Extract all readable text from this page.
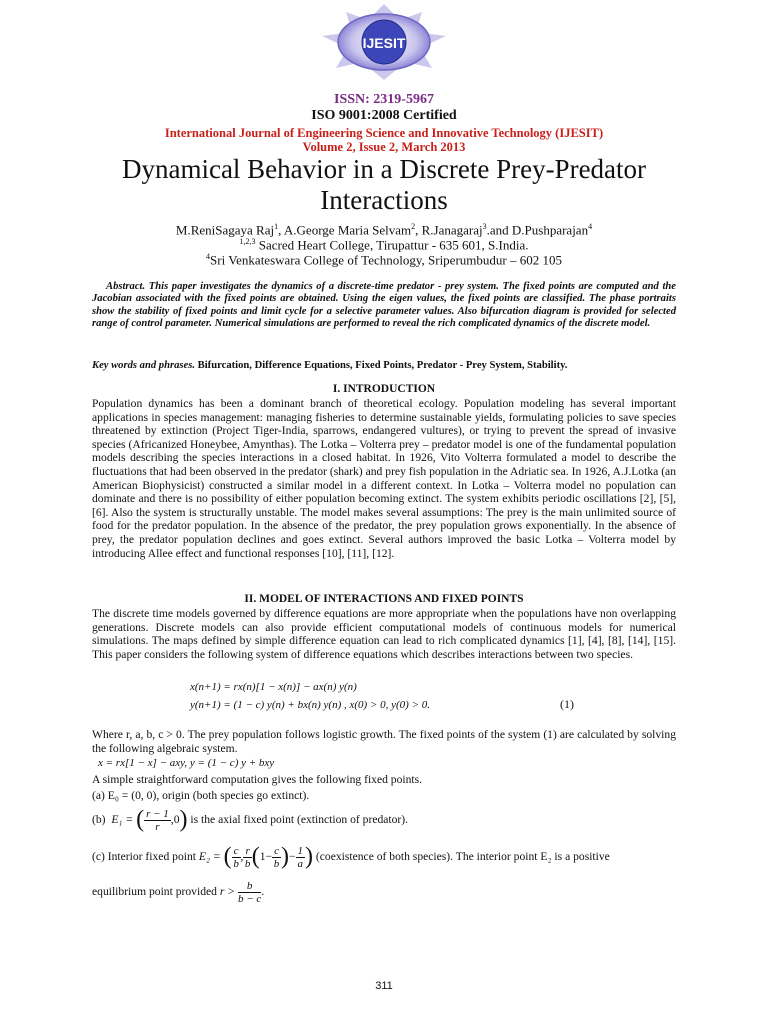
IJESIT
ISSN: 2319-5967
ISO 9001:2008 Certified
International Journal of Engineering Science and Innovative Technology (IJESIT)
Volume 2, Issue 2, March 2013
Dynamical Behavior in a Discrete Prey-Predator Interactions
M.ReniSagaya Raj$^1$, A.George Maria Selvam$^2$, R.Janagaraj$^3$.and D.Pushparajan$^4$
$^{1,2,3}$ Sacred Heart College, Tirupattur - 635 601, S.India.
$^4$Sri Venkateswara College of Technology, Sriperumbudur – 602 105
Abstract. This paper investigates the dynamics of a discrete-time predator - prey system. The fixed points are computed and the Jacobian associated with the fixed points are obtained. Using the eigen values, the fixed points are classified. The phase portraits show the stability of fixed points and limit cycle for a selective parameter values. Also bifurcation diagram is provided for selected range of control parameter. Numerical simulations are performed to reveal the rich complicated dynamics of the discrete model.
Key words and phrases. Bifurcation, Difference Equations, Fixed Points, Predator - Prey System, Stability.
I. INTRODUCTION
Population dynamics has been a dominant branch of theoretical ecology. Population modeling has several important applications in species management: managing fisheries to determine sustainable yields, formulating policies to save species threatened by extinction (Project Tiger-India, sparrows, endangered vultures), or trying to prevent the spread of invasive species (Africanized Honeybee, Amynthas). The Lotka – Volterra prey – predator model is one of the fundamental population models describing the species interactions in a closed habitat. In 1926, Vito Volterra formulated a model to describe the fluctuations that had been observed in the predator (shark) and prey fish population in the Adriatic sea. In 1926, A.J.Lotka (an American Biophysicist) constructed a similar model in a different context. In Lotka – Volterra model no population can dominate and there is no possibility of either population becoming extinct. The system exhibits periodic oscillations [2], [5], [6]. Also the system is structurally unstable. The model makes several assumptions: The prey is the main unlimited source of food for the predator population. In the absence of the predator, the prey population grows exponentially. In the absence of prey, the predator population declines and goes extinct. Several authors improved the basic Lotka – Volterra model by introducing Allee effect and functional responses [10], [11], [12].
II. MODEL OF INTERACTIONS AND FIXED POINTS
The discrete time models governed by difference equations are more appropriate when the populations have non overlapping generations. Discrete models can also provide efficient computational models of continuous models for numerical simulations. The maps defined by simple difference equation can lead to rich complicated dynamics [1], [4], [8], [14], [15]. This paper considers the following system of difference equations which describes interactions between two species.
x(n+1) = rx(n)[1 − x(n)] − ax(n) y(n)
y(n+1) = (1 − c) y(n) + bx(n) y(n) , x(0) > 0, y(0) > 0.	(1)
Where r, a, b, c > 0. The prey population follows logistic growth. The fixed points of the system (1) are calculated by solving the following algebraic system.
x = rx[1 − x] − axy, y = (1 − c) y + bxy
A simple straightforward computation gives the following fixed points.
(a) E₀ = (0, 0), origin (both species go extinct).
(b) E₁ = ( $\frac{r - 1}{r} ,0$) is the axial fixed point (extinction of predator).
(c) Interior fixed point E₂ = ( $\frac{c}{b}$ , $\frac{r}{b} (1- \frac{c}{b}$ )− $\frac{1}{a}$ ) (coexistence of both species). The interior point E₂ is a positive
equilibrium point provided $r > \frac{b}{b - c}$ .
311
